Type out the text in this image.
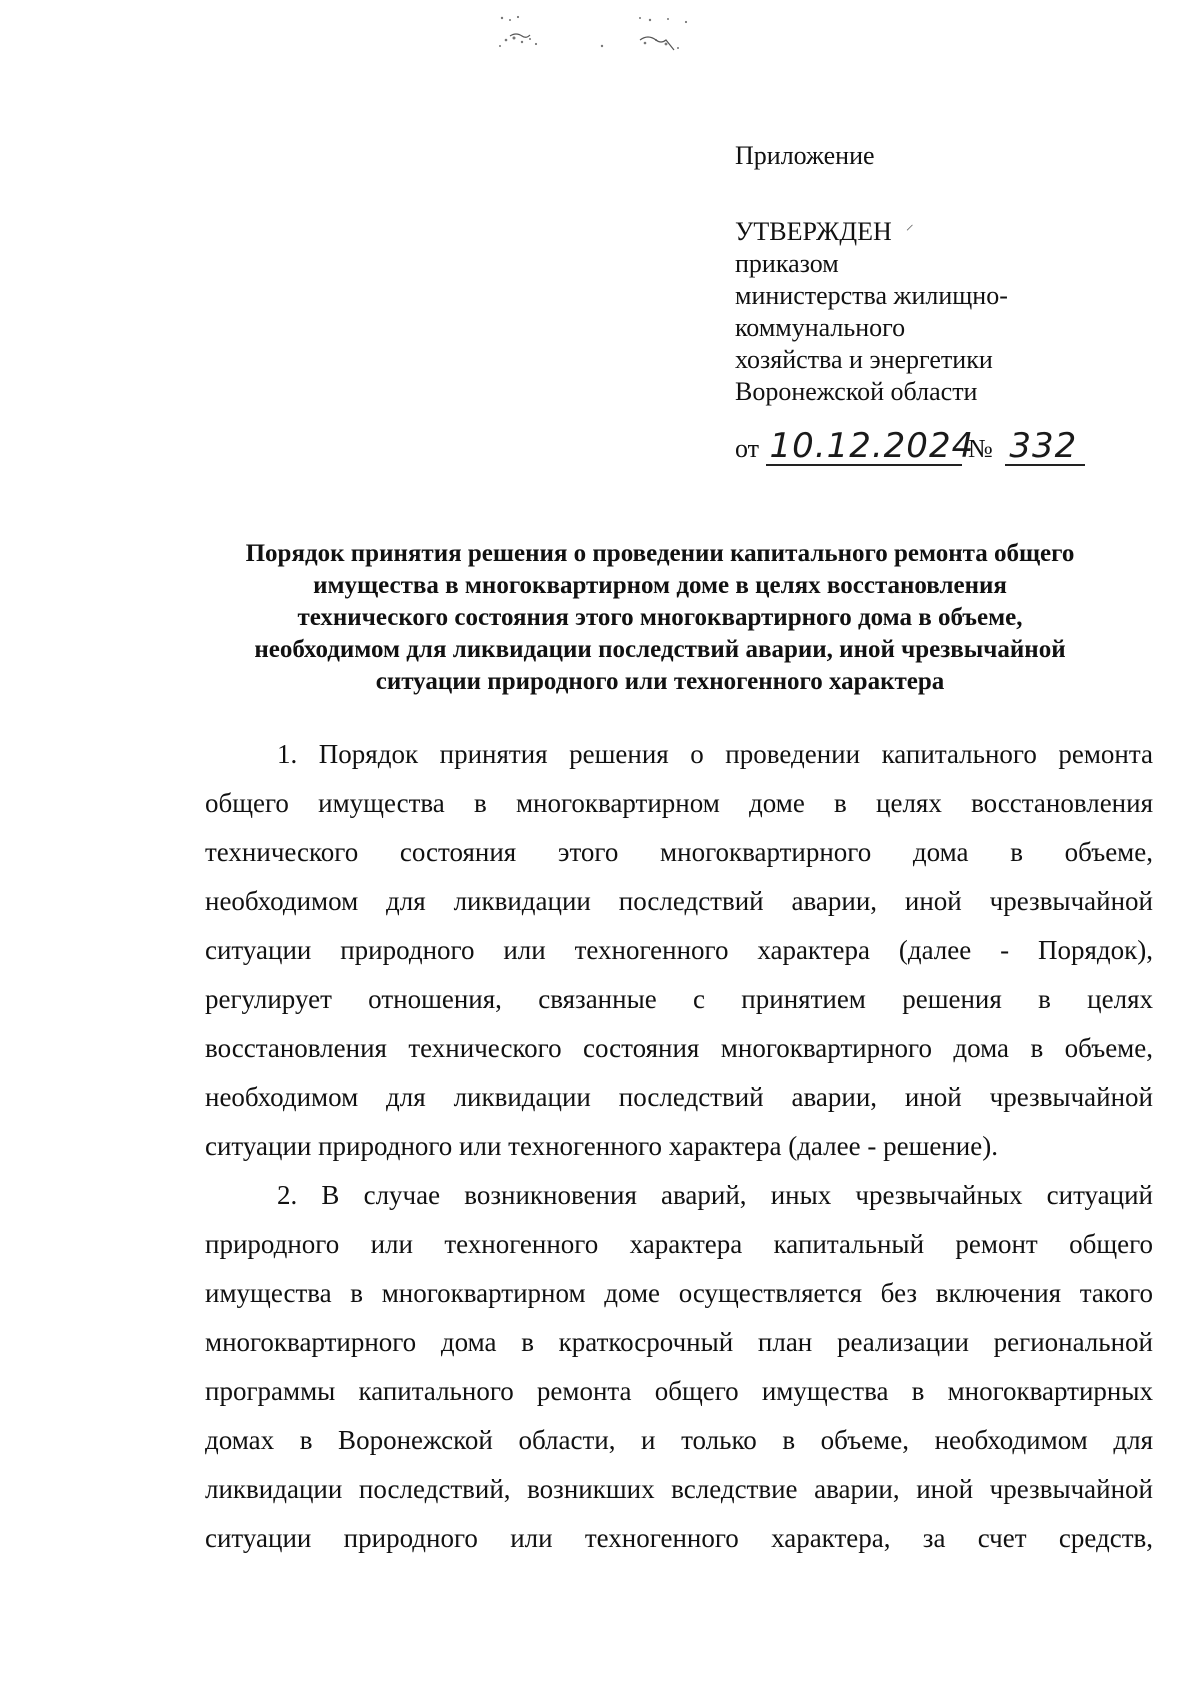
Приложение
УТВЕРЖДЕН ⸍
приказом
министерства жилищно-
коммунального
хозяйства и энергетики
Воронежской области
от 10.12.2024 № 332
Порядок принятия решения о проведении капитального ремонта общего
имущества в многоквартирном доме в целях восстановления
технического состояния этого многоквартирного дома в объеме,
необходимом для ликвидации последствий аварии, иной чрезвычайной
ситуации природного или техногенного характера
1. Порядок принятия решения о проведении капитального ремонта
общего имущества в многоквартирном доме в целях восстановления
технического состояния этого многоквартирного дома в объеме,
необходимом для ликвидации последствий аварии, иной чрезвычайной
ситуации природного или техногенного характера (далее - Порядок),
регулирует отношения, связанные с принятием решения в целях
восстановления технического состояния многоквартирного дома в объеме,
необходимом для ликвидации последствий аварии, иной чрезвычайной
ситуации природного или техногенного характера (далее - решение).
2. В случае возникновения аварий, иных чрезвычайных ситуаций
природного или техногенного характера капитальный ремонт общего
имущества в многоквартирном доме осуществляется без включения такого
многоквартирного дома в краткосрочный план реализации региональной
программы капитального ремонта общего имущества в многоквартирных
домах в Воронежской области, и только в объеме, необходимом для
ликвидации последствий, возникших вследствие аварии, иной чрезвычайной
ситуации природного или техногенного характера, за счет средств,
